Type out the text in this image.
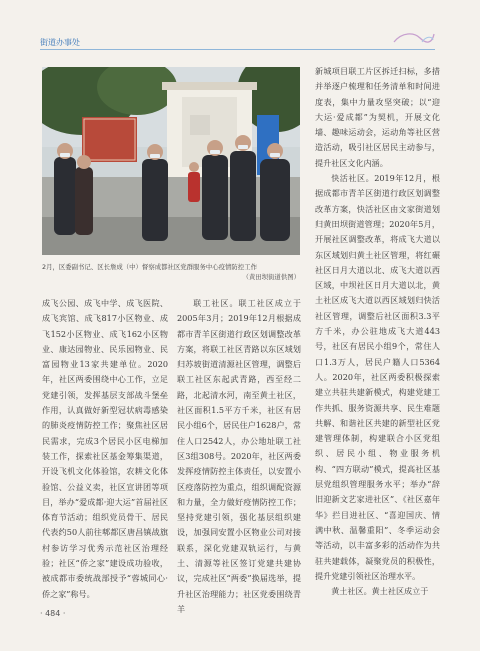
街道办事处
2月，区委副书记、区长詹成（中）督察成都社区党群服务中心疫情防控工作
（黄田坝街道供图）

成飞公园、成飞中学、成飞医院、成飞宾馆、成飞817小区物业、成飞152小区物业、成飞162小区物业、康达园物业、民乐园物业、民富园物业13家共建单位。2020年，社区两委围绕中心工作，立足党建引领，发挥基层支部战斗堡垒作用，认真做好新型冠状病毒感染的肺炎疫情防控工作；聚焦社区居民需求，完成3个居民小区电梯加装工作，探索社区基金筹集渠道，开设飞机文化体验馆，农耕文化体验馆、公益义卖，社区宣讲团等项目，举办“爱成都·迎大运”首届社区体育节活动；组织党员骨干、居民代表约50人前往郫都区唐昌镇战旗村参访学习优秀示范社区治理经验；社区“侨之家”建设成功验收，被成都市委统战部授予“蓉城同心·侨之家”称号。

联工社区。联工社区成立于2005年3月；2019年12月根据成都市青羊区街道行政区划调整改革方案，将联工社区青路以东区域划归苏坡街道清源社区管理，调整后联工社区东起武青路，西至经二路，北起清水河，南至黄土社区，社区面积1.5平方千米，社区有居民小组6个，居民住户1628户，常住人口2542人，办公地址联工社区3组308号。2020年，社区两委发挥疫情防控主体责任，以安置小区疫落防控为重点，组织调配资源和力量，全力做好疫情防控工作；坚持党建引领，强化基层组织建设，加强同安置小区物业公司对接联系，深化党建双轨运行，与黄土、清源等社区签订党建共建协议，完成社区“两委”换届选举，提升社区治理能力；社区党委围绕青羊

新城项目联工片区拆迁扫标，多措并举逐户梳理和任务清单和时间进度表，集中力量攻坚突破；以“迎大运·爱成都”为契机，开展文化墙、趣味运动会，运动角等社区营造活动，吸引社区居民主动参与，提升社区文化内涵。

快活社区。2019年12月，根据成都市青羊区街道行政区划调整改革方案，快活社区由文家街道划归黄田坝街道管理；2020年5月，开展社区调整改革，将成飞大道以东区域划归黄土社区管理，将红碾社区日月大道以北、成飞大道以西区域，中坝社区日月大道以北，黄土社区成飞大道以西区域划归快活社区管理，调整后社区面积3.3平方千米，办公驻地成飞大道443号，社区有居民小组9个，常住人口1.3万人，居民户籍人口5364人。2020年，社区两委积极探索建立共驻共建新模式，构建党建工作共抓、服务资源共享、民生难题共解、和谐社区共建的新型社区党建管理体制，构建联合小区党组织、居民小组、物业服务机构、“四方联动”模式，提高社区基层党组织管理服务水平；举办“辞旧迎新文艺家进社区”、《社区嘉年华》拦目进社区、“喜迎国庆、情满中秋、温馨重阳”、冬季运动会等活动，以丰富多彩的活动作为共驻共建载体，凝聚党员的积极性，提升党建引领社区治理水平。

黄土社区。黄土社区成立于

· 484 ·
